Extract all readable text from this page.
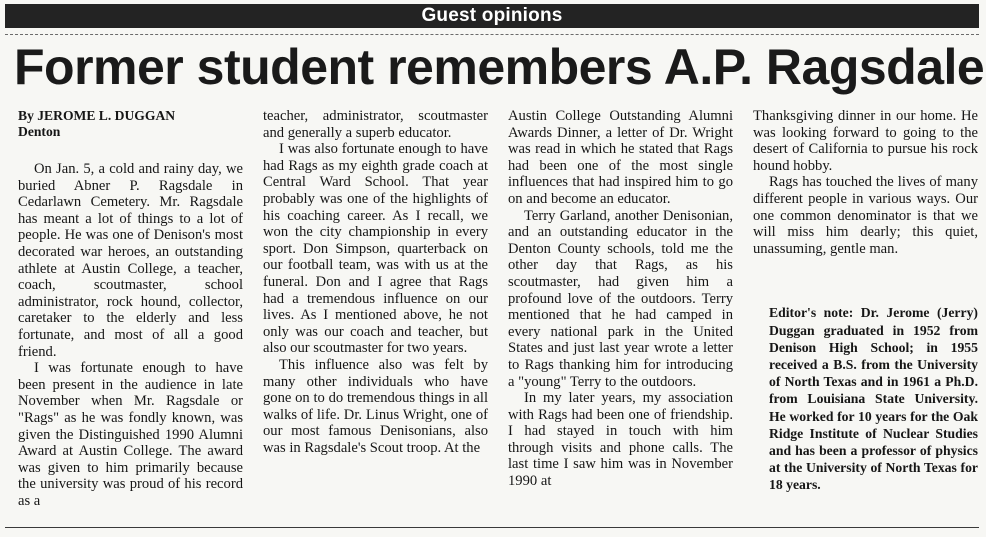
Guest opinions
Former student remembers A.P. Ragsdale
By JEROME L. DUGGAN
Denton

On Jan. 5, a cold and rainy day, we buried Abner P. Ragsdale in Cedarlawn Cemetery. Mr. Ragsdale has meant a lot of things to a lot of people. He was one of Denison's most decorated war heroes, an outstanding athlete at Austin College, a teacher, coach, scoutmaster, school administrator, rock hound, collector, caretaker to the elderly and less fortunate, and most of all a good friend.

I was fortunate enough to have been present in the audience in late November when Mr. Ragsdale or "Rags" as he was fondly known, was given the Distinguished 1990 Alumni Award at Austin College. The award was given to him primarily because the university was proud of his record as a

teacher, administrator, scoutmaster and generally a superb educator.

I was also fortunate enough to have had Rags as my eighth grade coach at Central Ward School. That year probably was one of the highlights of his coaching career. As I recall, we won the city championship in every sport. Don Simpson, quarterback on our football team, was with us at the funeral. Don and I agree that Rags had a tremendous influence on our lives. As I mentioned above, he not only was our coach and teacher, but also our scoutmaster for two years.

This influence also was felt by many other individuals who have gone on to do tremendous things in all walks of life. Dr. Linus Wright, one of our most famous Denisonians, also was in Ragsdale's Scout troop. At the

Austin College Outstanding Alumni Awards Dinner, a letter of Dr. Wright was read in which he stated that Rags had been one of the most single influences that had inspired him to go on and become an educator.

Terry Garland, another Denisonian, and an outstanding educator in the Denton County schools, told me the other day that Rags, as his scoutmaster, had given him a profound love of the outdoors. Terry mentioned that he had camped in every national park in the United States and just last year wrote a letter to Rags thanking him for introducing a "young" Terry to the outdoors.

In my later years, my association with Rags had been one of friendship. I had stayed in touch with him through visits and phone calls. The last time I saw him was in November 1990 at

Thanksgiving dinner in our home. He was looking forward to going to the desert of California to pursue his rock hound hobby.

Rags has touched the lives of many different people in various ways. Our one common denominator is that we will miss him dearly; this quiet, unassuming, gentle man.

Editor's note: Dr. Jerome (Jerry) Duggan graduated in 1952 from Denison High School; in 1955 received a B.S. from the University of North Texas and in 1961 a Ph.D. from Louisiana State University. He worked for 10 years for the Oak Ridge Institute of Nuclear Studies and has been a professor of physics at the University of North Texas for 18 years.
